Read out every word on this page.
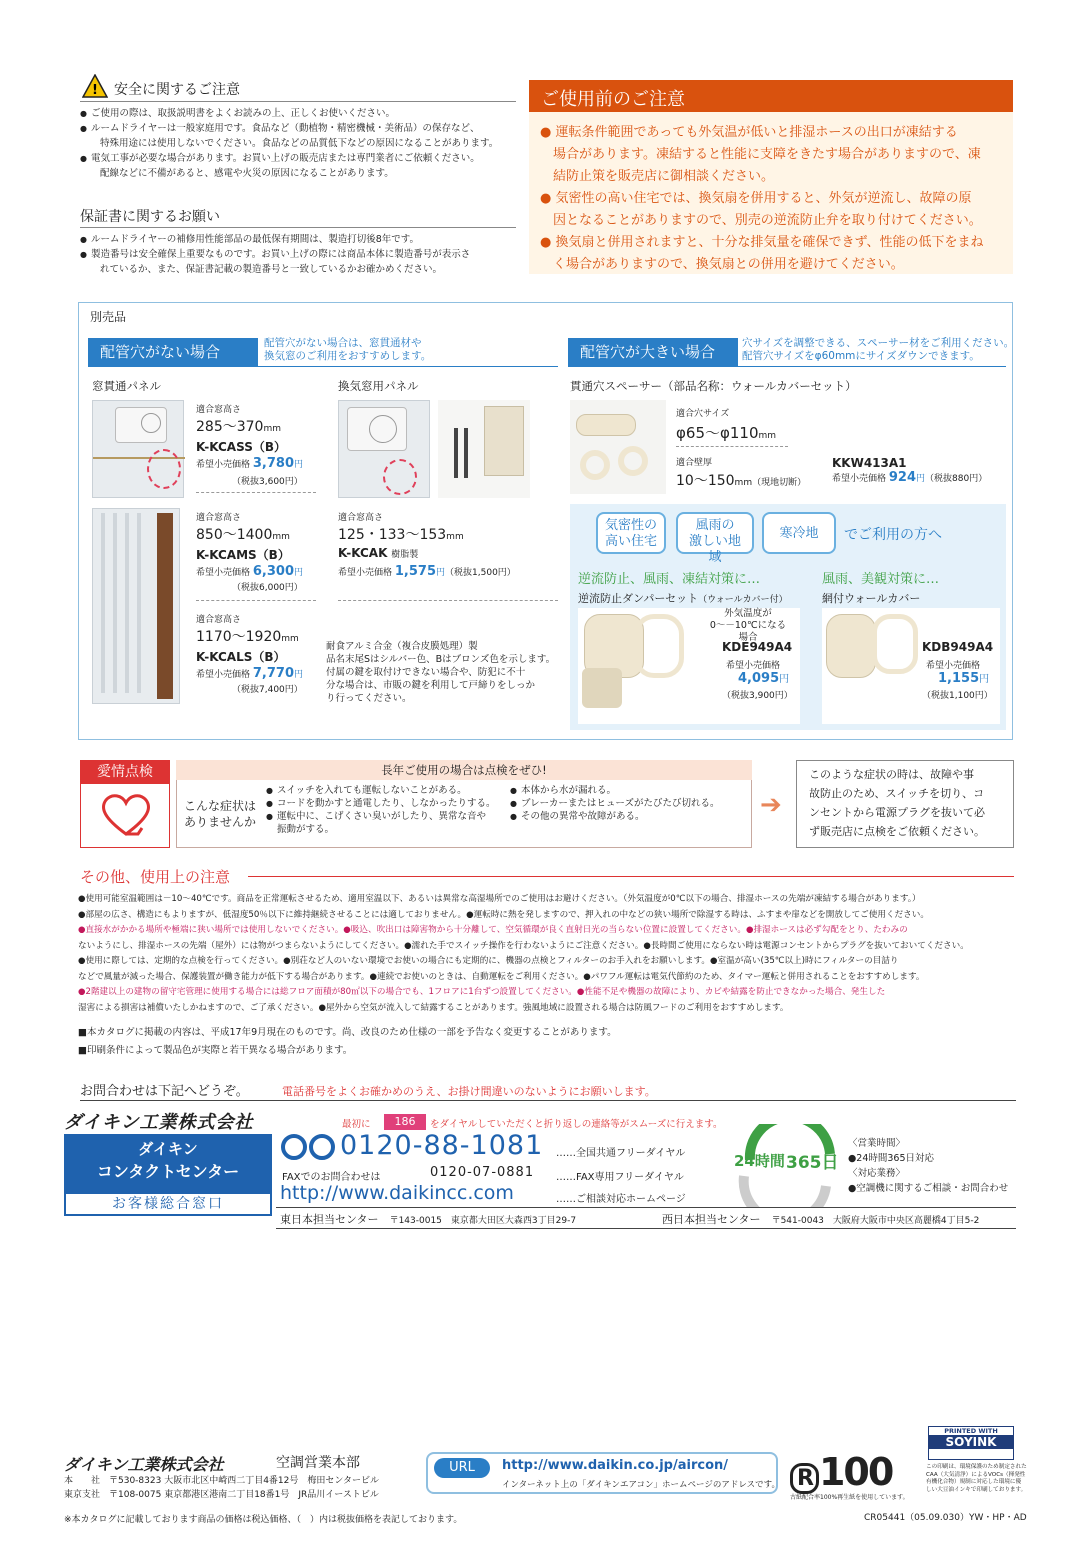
! 安全に関するご注意
● ご使用の際は、取扱説明書をよくお読みの上、正しくお使いください。
● ルームドライヤーは一般家庭用です。食品など（動植物・精密機械・美術品）の保存など、
特殊用途には使用しないでください。食品などの品質低下などの原因になることがあります。
● 電気工事が必要な場合があります。お買い上げの販売店または専門業者にご依頼ください。
配線などに不備があると、感電や火災の原因になることがあります。
保証書に関するお願い
● ルームドライヤーの補修用性能部品の最低保有期間は、製造打切後8年です。
● 製造番号は安全確保上重要なものです。お買い上げの際には商品本体に製造番号が表示さ
れているか、また、保証書記載の製造番号と一致しているかお確かめください。
ご使用前のご注意
● 運転条件範囲であっても外気温が低いと排湿ホースの出口が凍結する
場合があります。凍結すると性能に支障をきたす場合がありますので、凍
結防止策を販売店に御相談ください。
● 気密性の高い住宅では、換気扇を併用すると、外気が逆流し、故障の原
因となることがありますので、別売の逆流防止弁を取り付けてください。
● 換気扇と併用されますと、十分な排気量を確保できず、性能の低下をまね
く場合がありますので、換気扇との併用を避けてください。
別売品
配管穴がない場合	配管穴がない場合は、窓貫通材や
換気窓のご利用をおすすめします。	配管穴が大きい場合	穴サイズを調整できる、スペーサー材をご利用ください。
配管穴サイズをφ60mmにサイズダウンできます。
窓貫通パネル	換気窓用パネル	貫通穴スペーサー（部品名称：ウォールカバーセット）
適合窓高さ
285〜370mm
K-KCASS（B）
希望小売価格 3,780円
（税抜3,600円）
適合窓高さ
850〜1400mm
K-KCAMS（B）
希望小売価格 6,300円
（税抜6,000円）
適合窓高さ
1170〜1920mm
K-KCALS（B）
希望小売価格 7,770円
（税抜7,400円）
適合窓高さ
125・133〜153mm
K-KCAK 樹脂製
希望小売価格 1,575円（税抜1,500円）
耐食アルミ合金（複合皮膜処理）製
品名末尾Sはシルバー色、Bはブロンズ色を示します。
付属の鍵を取付けできない場合や、防犯に不十
分な場合は、市販の鍵を利用して戸締りをしっか
り行ってください。
適合穴サイズ
φ65〜φ110mm
適合壁厚
10〜150mm（現地切断）
KKW413A1
希望小売価格 924円（税抜880円）
気密性の
高い住宅
風雨の
激しい地域
寒冷地	でご利用の方へ
逆流防止、風雨、凍結対策に…
逆流防止ダンパーセット（ウォールカバー付）
外気温度が
0〜－10℃になる場合
KDE949A4
希望小売価格
4,095円
（税抜3,900円）
風雨、美観対策に…
網付ウォールカバー
KDB949A4
希望小売価格
1,155円
（税抜1,100円）
愛情点検	長年ご使用の場合は点検をぜひ!
こんな症状は
ありませんか
● スイッチを入れても運転しないことがある。
● コードを動かすと通電したり、しなかったりする。
● 運転中に、こげくさい臭いがしたり、異常な音や
振動がする。
● 本体から水が漏れる。
● ブレーカーまたはヒューズがたびたび切れる。
● その他の異常や故障がある。	➔
このような症状の時は、故障や事
故防止のため、スイッチを切り、コ
ンセントから電源プラグを抜いて必
ず販売店に点検をご依頼ください。
その他、使用上の注意
●使用可能室温範囲は－10〜40℃です。商品を正常運転させるため、適用室温以下、あるいは異常な高湿場所でのご使用はお避けください。（外気温度が0℃以下の場合、排湿ホースの先端が凍結する場合があります。）
●部屋の広さ、構造にもよりますが、低湿度50％以下に維持継続させることには適しておりません。●運転時に熱を発しますので、押入れの中などの狭い場所で除湿する時は、ふすまや扉などを開放してご使用ください。
●直接水がかかる場所や極端に狭い場所では使用しないでください。●吸込、吹出口は障害物から十分離して、空気循環が良く直射日光の当らない位置に設置してください。●排湿ホースは必ず勾配をとり、たわみの
ないようにし、排湿ホースの先端（屋外）には物がつまらないようにしてください。●濡れた手でスイッチ操作を行わないようにご注意ください。●長時間ご使用にならない時は電源コンセントからプラグを抜いておいてください。
●使用に際しては、定期的な点検を行ってください。●別荘など人のいない環境でお使いの場合にも定期的に、機器の点検とフィルターのお手入れをお願いします。●室温が高い(35℃以上)時にフィルターの目詰り
などで風量が減った場合、保護装置が働き能力が低下する場合があります。●連続でお使いのときは、自動運転をご利用ください。●パワフル運転は電気代節約のため、タイマー運転と併用されることをおすすめします。
●2階建以上の建物の留守宅管理に使用する場合には総フロア面積が80㎡以下の場合でも、1フロアに1台ずつ設置してください。●性能不足や機器の故障により、カビや結露を防止できなかった場合、発生した
湿害による損害は補償いたしかねますので、ご了承ください。●屋外から空気が流入して結露することがあります。強風地域に設置される場合は防風フードのご利用をおすすめします。
■本カタログに掲載の内容は、平成17年9月現在のものです。尚、改良のため仕様の一部を予告なく変更することがあります。
■印刷条件によって製品色が実際と若干異なる場合があります。
お問合わせは下記へどうぞ。	電話番号をよくお確かめのうえ、お掛け間違いのないようにお願いします。
ダイキン工業株式会社
ダイキン
コンタクトセンター
お客様総合窓口
最初に	186	をダイヤルしていただくと折り返しの連絡等がスムーズに行えます。
0120-88-1081 ……全国共通フリーダイヤル
FAXでのお問合わせは	0120-07-0881 ……FAX専用フリーダイヤル
http://www.daikincc.com	……ご相談対応ホームページ
24時間 365日
〈営業時間〉
●24時間365日対応
〈対応業務〉
●空調機に関するご相談・お問合わせ
東日本担当センター　 〒143-0015　東京都大田区大森西3丁目29-7	西日本担当センター　 〒541-0043　大阪府大阪市中央区高麗橋4丁目5-2
ダイキン工業株式会社	空調営業本部
本　　社　〒530-8323 大阪市北区中崎西二丁目4番12号　梅田センタービル
東京支社　〒108-0075 東京都港区港南二丁目18番1号　JR品川イーストビル
URL	http://www.daikin.co.jp/aircon/
インターネット上の「ダイキンエアコン」ホームページのアドレスです。 R 100
古紙配合率100%再生紙を使用しています。
PRINTED WITH
SOYINK
この印刷は、環境保護のため制定された
CAA（大気清浄）によるVOCs（揮発性
有機化合物）規制に対応した環境に優
しい大豆油インキで印刷しております。
※本カタログに記載しております商品の価格は税込価格、（　）内は税抜価格を表記しております。	CR05441（05.09.030）YW・HP・AD
